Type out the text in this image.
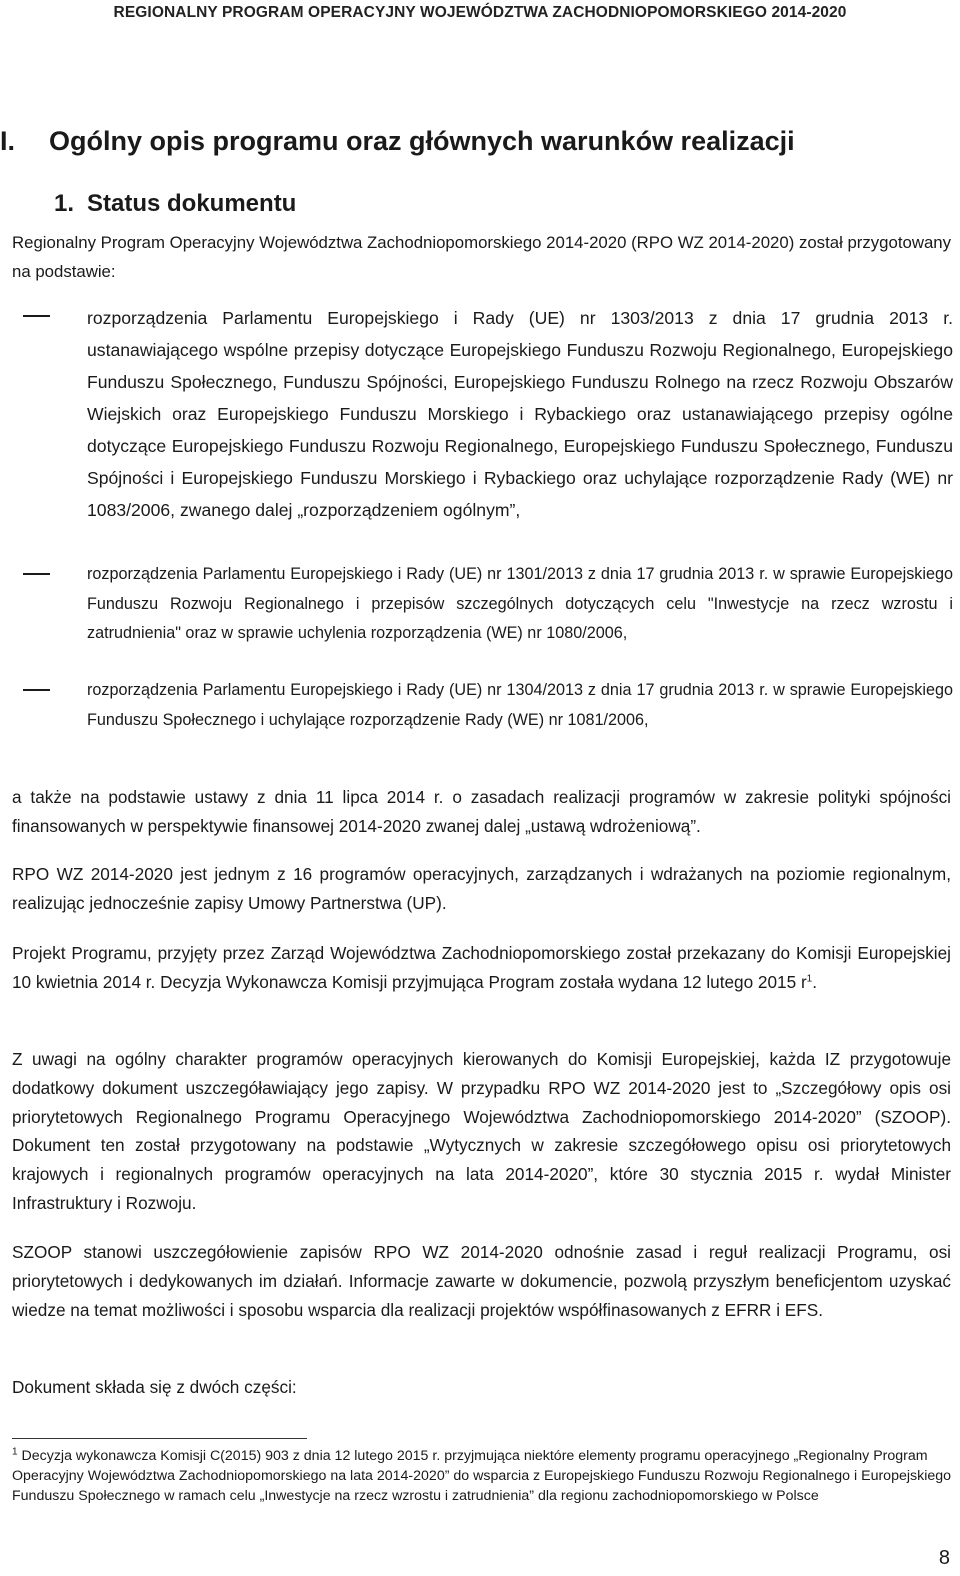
REGIONALNY PROGRAM OPERACYJNY WOJEWÓDZTWA ZACHODNIOPOMORSKIEGO 2014-2020
I. Ogólny opis programu oraz głównych warunków realizacji
1. Status dokumentu

Regionalny Program Operacyjny Województwa Zachodniopomorskiego 2014-2020 (RPO WZ 2014-2020) został przygotowany na podstawie:

rozporządzenia Parlamentu Europejskiego i Rady (UE) nr 1303/2013 z dnia 17 grudnia 2013 r. ustanawiającego wspólne przepisy dotyczące Europejskiego Funduszu Rozwoju Regionalnego, Europejskiego Funduszu Społecznego, Funduszu Spójności, Europejskiego Funduszu Rolnego na rzecz Rozwoju Obszarów Wiejskich oraz Europejskiego Funduszu Morskiego i Rybackiego oraz ustanawiającego przepisy ogólne dotyczące Europejskiego Funduszu Rozwoju Regionalnego, Europejskiego Funduszu Społecznego, Funduszu Spójności i Europejskiego Funduszu Morskiego i Rybackiego oraz uchylające rozporządzenie Rady (WE) nr 1083/2006, zwanego dalej „rozporządzeniem ogólnym”,

rozporządzenia Parlamentu Europejskiego i Rady (UE) nr 1301/2013 z dnia 17 grudnia 2013 r. w sprawie Europejskiego Funduszu Rozwoju Regionalnego i przepisów szczególnych dotyczących celu "Inwestycje na rzecz wzrostu i zatrudnienia" oraz w sprawie uchylenia rozporządzenia (WE) nr 1080/2006,

rozporządzenia Parlamentu Europejskiego i Rady (UE) nr 1304/2013 z dnia 17 grudnia 2013 r. w sprawie Europejskiego Funduszu Społecznego i uchylające rozporządzenie Rady (WE) nr 1081/2006,

a także na podstawie ustawy z dnia 11 lipca 2014 r. o zasadach realizacji programów w zakresie polityki spójności finansowanych w perspektywie finansowej 2014-2020 zwanej dalej „ustawą wdrożeniową”.

RPO WZ 2014-2020 jest jednym z 16 programów operacyjnych, zarządzanych i wdrażanych na poziomie regionalnym, realizując jednocześnie zapisy Umowy Partnerstwa (UP).

Projekt Programu, przyjęty przez Zarząd Województwa Zachodniopomorskiego został przekazany do Komisji Europejskiej 10 kwietnia 2014 r. Decyzja Wykonawcza Komisji przyjmująca Program została wydana 12 lutego 2015 $r^1$.

Z uwagi na ogólny charakter programów operacyjnych kierowanych do Komisji Europejskiej, każda IZ przygotowuje dodatkowy dokument uszczegóławiający jego zapisy. W przypadku RPO WZ 2014-2020 jest to „Szczegółowy opis osi priorytetowych Regionalnego Programu Operacyjnego Województwa Zachodniopomorskiego 2014-2020” (SZOOP). Dokument ten został przygotowany na podstawie „Wytycznych w zakresie szczegółowego opisu osi priorytetowych krajowych i regionalnych programów operacyjnych na lata 2014-2020”, które 30 stycznia 2015 r. wydał Minister Infrastruktury i Rozwoju.

SZOOP stanowi uszczegółowienie zapisów RPO WZ 2014-2020 odnośnie zasad i reguł realizacji Programu, osi priorytetowych i dedykowanych im działań. Informacje zawarte w dokumencie, pozwolą przyszłym beneficjentom uzyskać wiedze na temat możliwości i sposobu wsparcia dla realizacji projektów współfinasowanych z EFRR i EFS.

Dokument składa się z dwóch części:

$^1$ Decyzja wykonawcza Komisji C(2015) 903 z dnia 12 lutego 2015 r. przyjmująca niektóre elementy programu operacyjnego „Regionalny Program Operacyjny Województwa Zachodniopomorskiego na lata 2014-2020” do wsparcia z Europejskiego Funduszu Rozwoju Regionalnego i Europejskiego Funduszu Społecznego w ramach celu „Inwestycje na rzecz wzrostu i zatrudnienia” dla regionu zachodniopomorskiego w Polsce

8
